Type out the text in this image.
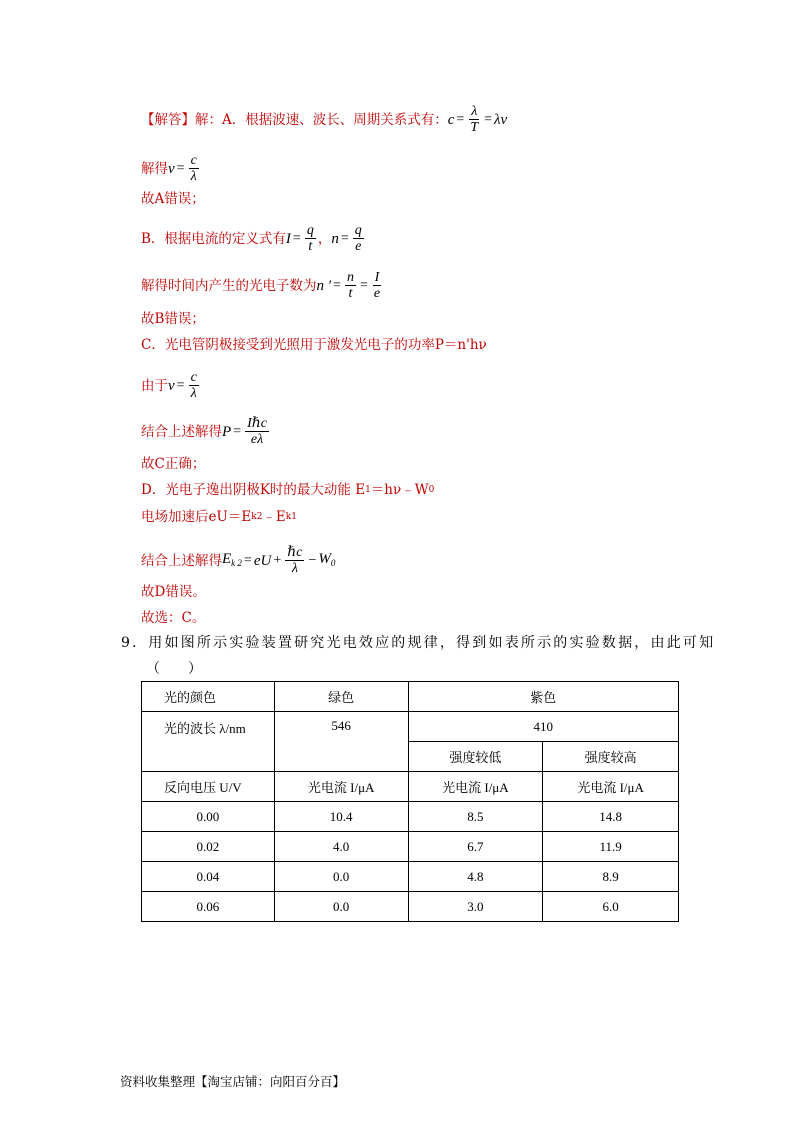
【解答】 解：A．根据波速、波长、周期关系式有： $c = \frac{\lambda}{T} = \lambda\nu$
解得 $\nu = \frac{c}{\lambda}$
故A错误；
B．根据电流的定义式有 $I = \frac{q}{t}$ ， $n = \frac{q}{e}$
解得时间内产生的光电子数为 n ′ = $\frac{n}{t} = \frac{I}{e}$
故B错误；
C．光电管阴极接受到光照用于激发光电子的功率P＝n'hν
由于 $\nu = \frac{c}{\lambda}$
结合上述解得 $P = \frac{\text{Iℏc}}{e\lambda}$
故C正确；
D．光电子逸出阴极K时的最大动能 E 1 ＝hν﹣W 0
电场加速后eU＝E k2 ﹣E k1
结合上述解得 $E_{k 2}$ = eU + $\frac{\text{ℏc}}{\lambda} - W_0$
故D错误。
故选：C。
9．用如图所示实验装置研究光电效应的规律，得到如表所示的实验数据，由此可知
（　　）
光的颜色	绿色	紫色	
光的波长 λ/nm	546	410	
		强度较低	强度较高
反向电压 U/V	光电流 I/μA	光电流 I/μA	光电流 I/μA
0.00	10.4	8.5	14.8
0.02	4.0	6.7	11.9
0.04	0.0	4.8	8.9
0.06	0.0	3.0	6.0
资料收集整理【淘宝店铺：向阳百分百】
